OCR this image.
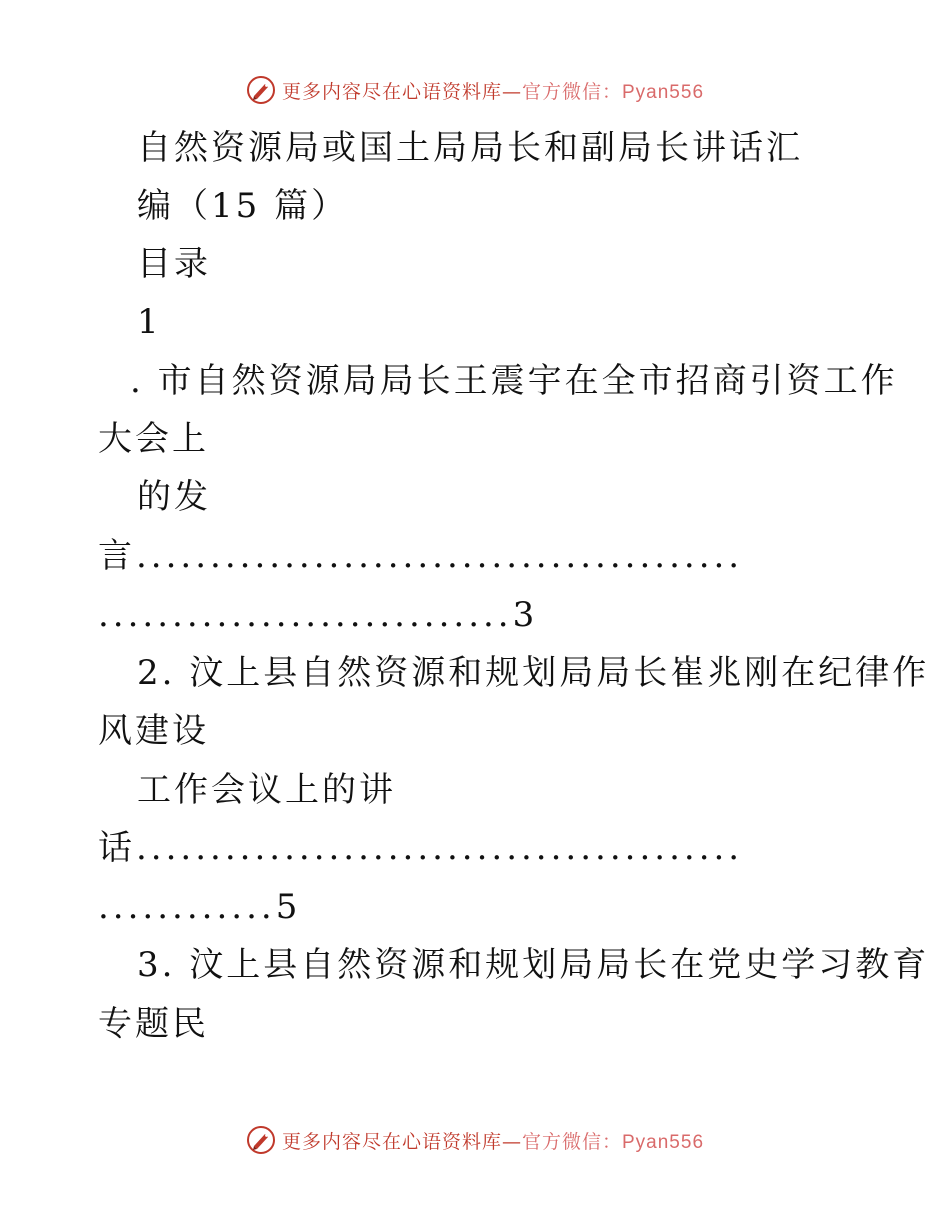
更多内容尽在心语资料库—官方微信：Pyan556
自然资源局或国土局局长和副局长讲话汇
编（15 篇）
目录
1
. 市自然资源局局长王震宇在全市招商引资工作
大会上
的发
言.........................................
............................3
2. 汶上县自然资源和规划局局长崔兆刚在纪律作
风建设
工作会议上的讲
话.........................................
............5
3. 汶上县自然资源和规划局局长在党史学习教育
专题民
更多内容尽在心语资料库—官方微信：Pyan556
